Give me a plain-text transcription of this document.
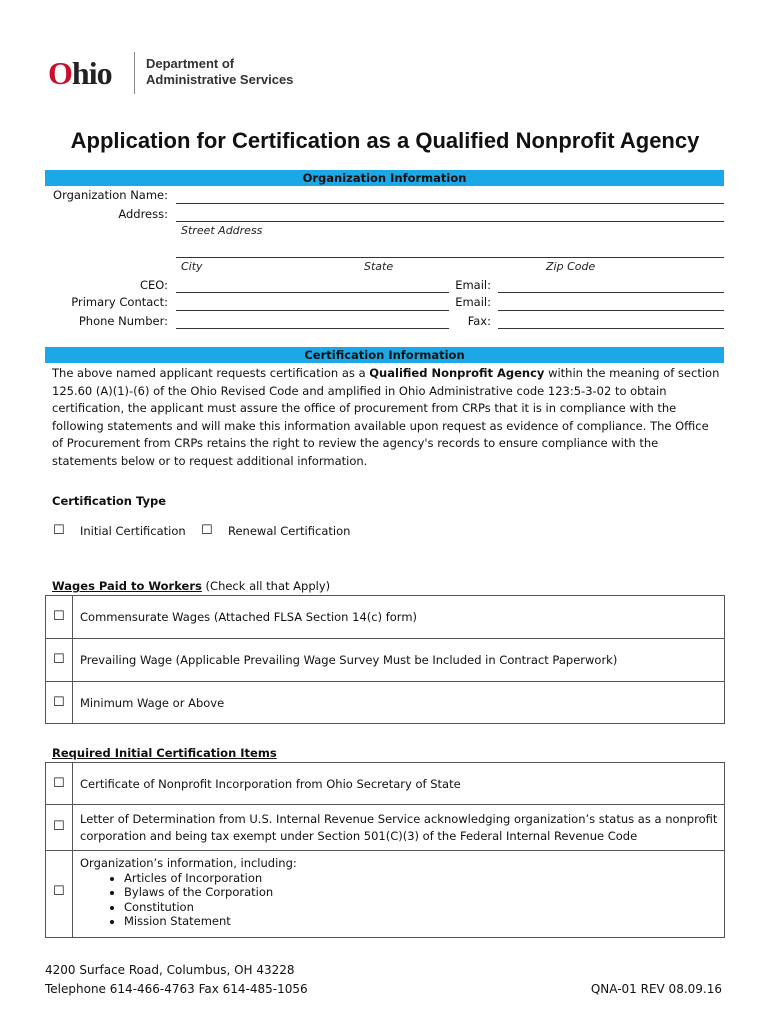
Ohio	Department of
Administrative Services
Application for Certification as a Qualified Nonprofit Agency
Organization Information
Organization Name:
Address:
Street Address
City	State	Zip Code
CEO:	Email:
Primary Contact:	Email:
Phone Number:	Fax:
Certification Information
The above named applicant requests certification as a Qualified Nonprofit Agency within the meaning of section 125.60 (A)(1)-(6) of the Ohio Revised Code and amplified in Ohio Administrative code 123:5-3-02 to obtain certification, the applicant must assure the office of procurement from CRPs that it is in compliance with the following statements and will make this information available upon request as evidence of compliance. The Office of Procurement from CRPs retains the right to review the agency's records to ensure compliance with the statements below or to request additional information.
Certification Type
☐ Initial Certification ☐ Renewal Certification
Wages Paid to Workers (Check all that Apply)
☐ Commensurate Wages (Attached FLSA Section 14(c) form)
☐ Prevailing Wage (Applicable Prevailing Wage Survey Must be Included in Contract Paperwork)
☐ Minimum Wage or Above
Required Initial Certification Items
☐ Certificate of Nonprofit Incorporation from Ohio Secretary of State
☐ Letter of Determination from U.S. Internal Revenue Service acknowledging organization’s status as a nonprofit
corporation and being tax exempt under Section 501(C)(3) of the Federal Internal Revenue Code
☐
Organization’s information, including:
• Articles of Incorporation
• Bylaws of the Corporation
• Constitution
• Mission Statement
4200 Surface Road, Columbus, OH 43228
Telephone 614-466-4763 Fax 614-485-1056	QNA-01 REV 08.09.16
